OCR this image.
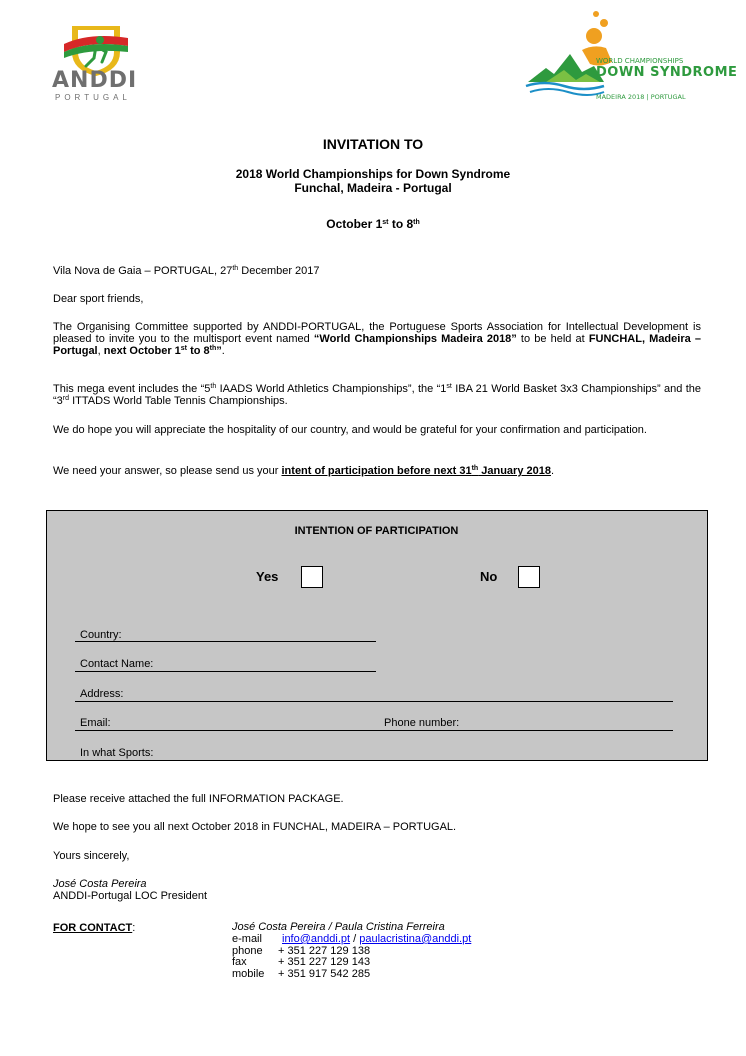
ANDDI
PORTUGAL
WORLD CHAMPIONSHIPS
DOWN SYNDROME
MADEIRA 2018 | PORTUGAL
INVITATION TO
2018 World Championships for Down Syndrome
Funchal, Madeira - Portugal
October 1st to 8th

Vila Nova de Gaia – PORTUGAL, 27th December 2017

Dear sport friends,

The Organising Committee supported by ANDDI-PORTUGAL, the Portuguese Sports Association for Intellectual Development is pleased to invite you to the multisport event named “World Championships Madeira 2018” to be held at FUNCHAL, Madeira – Portugal, next October 1st to 8th”.

This mega event includes the “5th IAADS World Athletics Championships”, the “1st IBA 21 World Basket 3x3 Championships” and the “3rd ITTADS World Table Tennis Championships.

We do hope you will appreciate the hospitality of our country, and would be grateful for your confirmation and participation.

We need your answer, so please send us your intent of participation before next 31th January 2018.

INTENTION OF PARTICIPATION
Yes	No
Country:
Contact Name:
Address:
Email:	Phone number:
In what Sports:

Please receive attached the full INFORMATION PACKAGE.

We hope to see you all next October 2018 in FUNCHAL, MADEIRA – PORTUGAL.

Yours sincerely,

José Costa Pereira

ANDDI-Portugal LOC President

FOR CONTACT:	José Costa Pereira / Paula Cristina Ferreira
e-mail info@anddi.pt / paulacristina@anddi.pt
phone + 351 227 129 138
fax	+ 351 227 129 143
mobile + 351 917 542 285
